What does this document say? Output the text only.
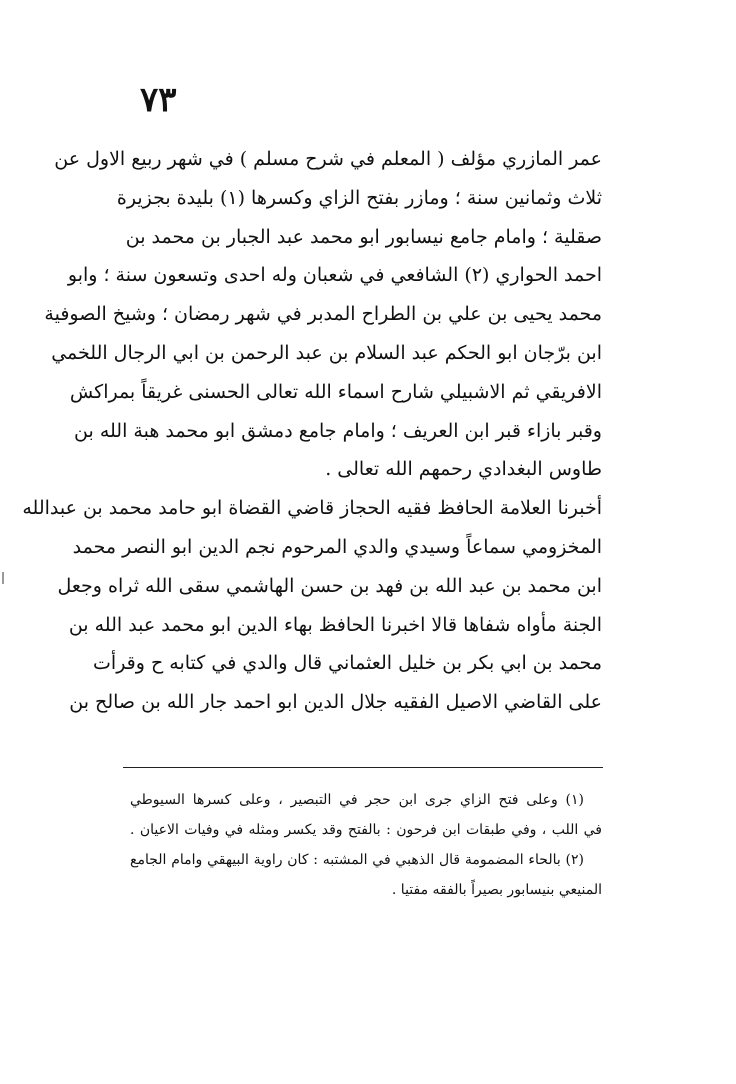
٧٣
عمر المازري مؤلف ( المعلم في شرح مسلم ) في شهر ربيع الاول عن
ثلاث وثمانين سنة ؛ ومازر بفتح الزاي وكسرها (١) بليدة بجزيرة
صقلية ؛ وامام جامع نيسابور ابو محمد عبد الجبار بن محمد بن
احمد الحواري (٢) الشافعي في شعبان وله احدى وتسعون سنة ؛ وابو
محمد يحيى بن علي بن الطراح المدبر في شهر رمضان ؛ وشيخ الصوفية
ابن برّجان ابو الحكم عبد السلام بن عبد الرحمن بن ابي الرجال اللخمي
الافريقي ثم الاشبيلي شارح اسماء الله تعالى الحسنى غريقاً بمراكش
وقبر بازاء قبر ابن العريف ؛ وامام جامع دمشق ابو محمد هبة الله بن
طاوس البغدادي رحمهم الله تعالى .
أخبرنا العلامة الحافظ فقيه الحجاز قاضي القضاة ابو حامد محمد بن عبدالله
المخزومي سماعاً وسيدي والدي المرحوم نجم الدين ابو النصر محمد
ابن محمد بن عبد الله بن فهد بن حسن الهاشمي سقى الله ثراه وجعل
الجنة مأواه شفاها قالا اخبرنا الحافظ بهاء الدين ابو محمد عبد الله بن
محمد بن ابي بكر بن خليل العثماني قال والدي في كتابه ح وقرأت
على القاضي الاصيل الفقيه جلال الدين ابو احمد جار الله بن صالح بن
(١) وعلى فتح الزاي جرى ابن حجر في التبصير ، وعلى كسرها السيوطي
في اللب ، وفي طبقات ابن فرحون : بالفتح وقد يكسر ومثله في وفيات الاعيان .
(٢) بالحاء المضمومة قال الذهبي في المشتبه : كان راوية البيهقي وامام الجامع
المنيعي بنيسابور بصيراً بالفقه مفتيا .
